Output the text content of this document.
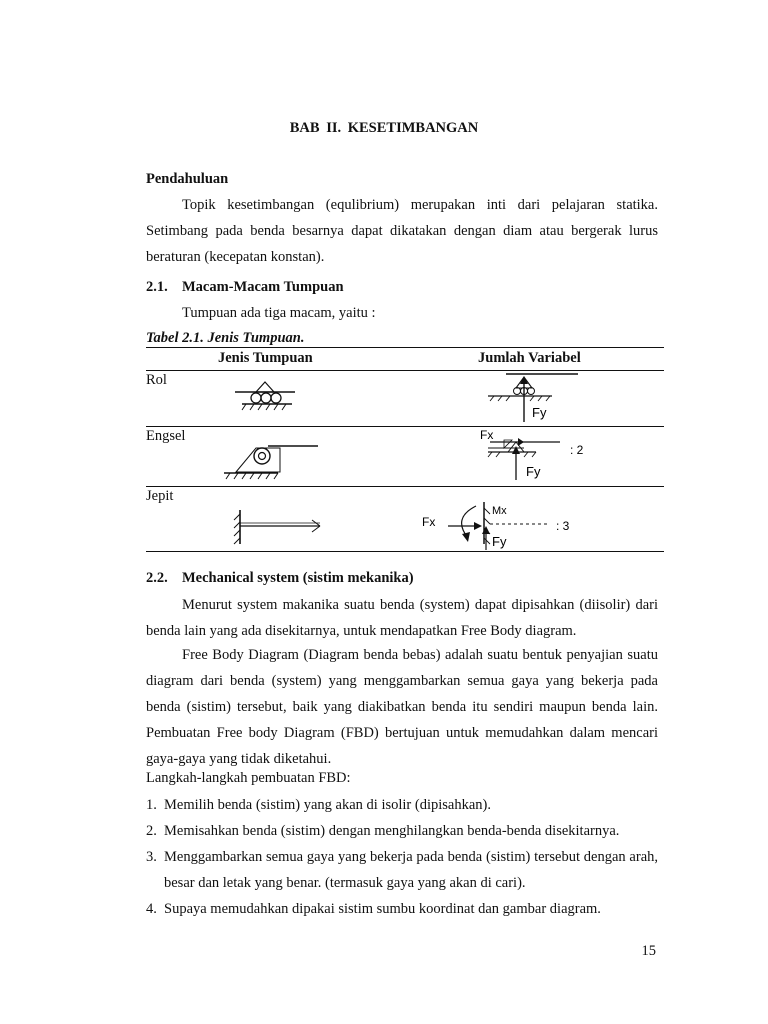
BAB II. KESETIMBANGAN
Pendahuluan
Topik kesetimbangan (equlibrium) merupakan inti dari pelajaran statika. Setimbang pada benda besarnya dapat dikatakan dengan diam atau bergerak lurus beraturan (kecepatan konstan).
2.1. Macam-Macam Tumpuan
Tumpuan ada tiga macam, yaitu :
Tabel 2.1. Jenis Tumpuan.
Jenis Tumpuan	Jumlah Variabel
Rol
Fy
Engsel	Fx
Fy
: 2
Jepit
Fx
Mx
Fy
: 3
2.2. Mechanical system (sistim mekanika)
Menurut system makanika suatu benda (system) dapat dipisahkan (diisolir) dari benda lain yang ada disekitarnya, untuk mendapatkan Free Body diagram.
Free Body Diagram (Diagram benda bebas) adalah suatu bentuk penyajian suatu diagram dari benda (system) yang menggambarkan semua gaya yang bekerja pada benda (sistim) tersebut, baik yang diakibatkan benda itu sendiri maupun benda lain. Pembuatan Free body Diagram (FBD) bertujuan untuk memudahkan dalam mencari gaya-gaya yang tidak diketahui.
Langkah-langkah pembuatan FBD:
1. Memilih benda (sistim) yang akan di isolir (dipisahkan).
2. Memisahkan benda (sistim) dengan menghilangkan benda-benda disekitarnya.
3. Menggambarkan semua gaya yang bekerja pada benda (sistim) tersebut dengan arah, besar dan letak yang benar. (termasuk gaya yang akan di cari).
4. Supaya memudahkan dipakai sistim sumbu koordinat dan gambar diagram.
15
